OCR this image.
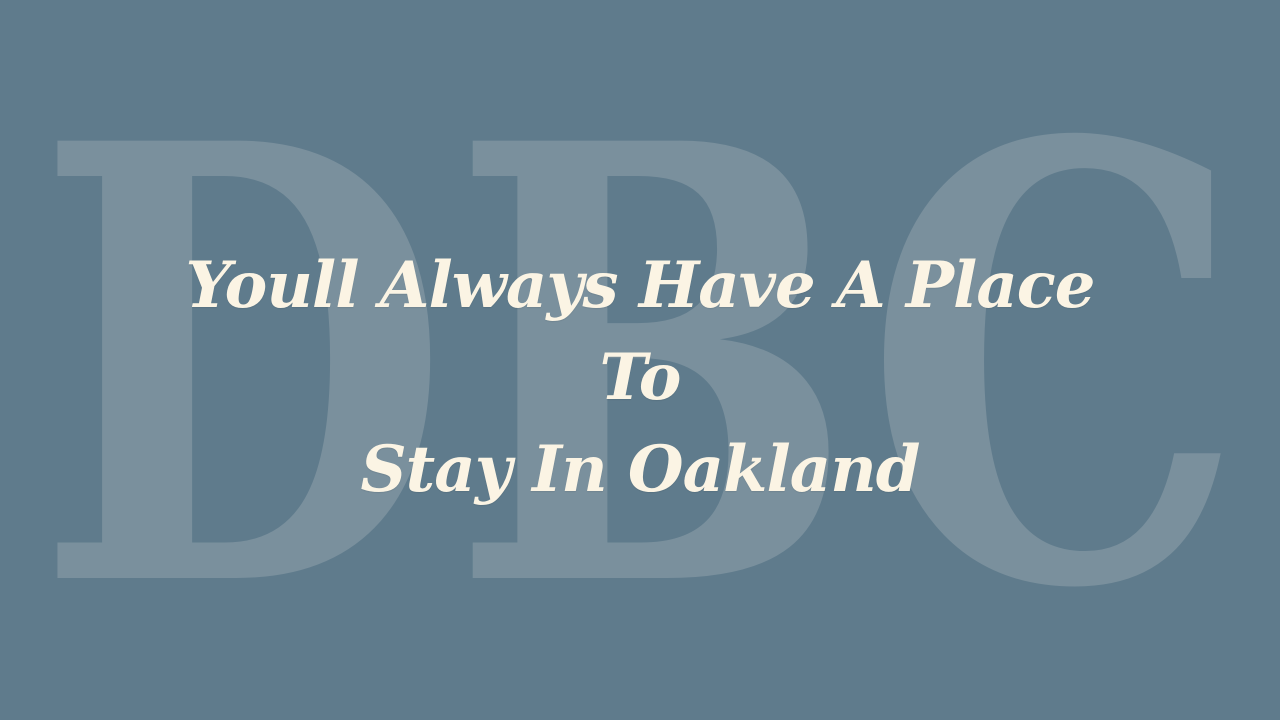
DBC
Youll Always Have A Place To
Stay In Oakland
